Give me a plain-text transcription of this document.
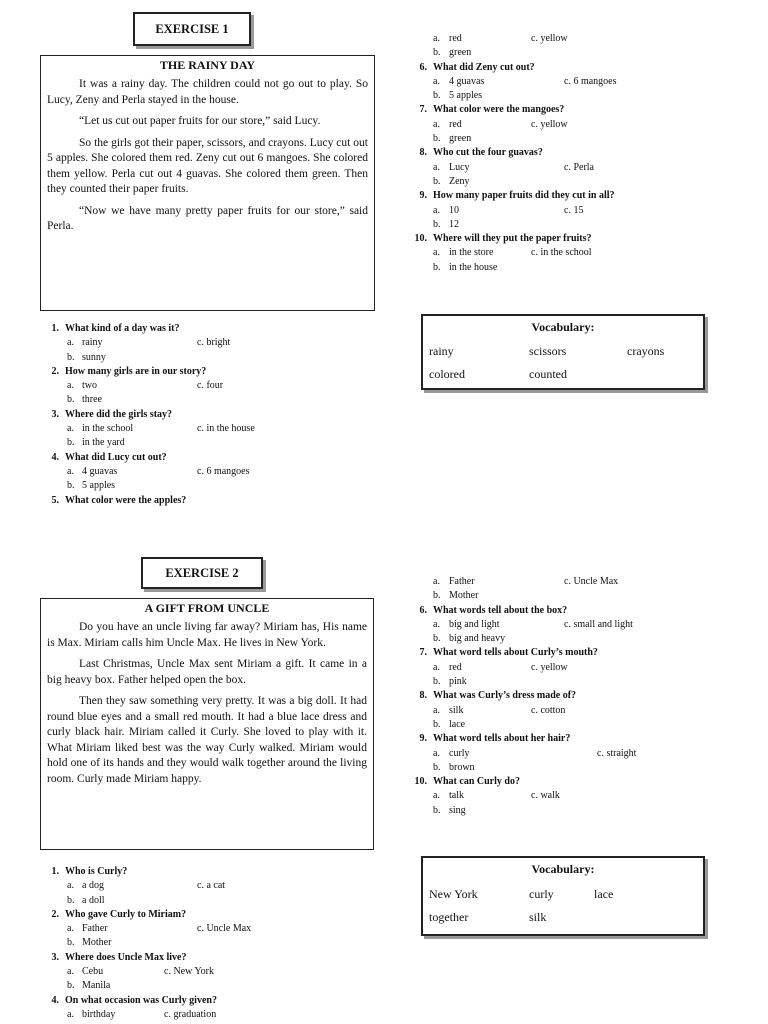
EXERCISE 1
THE RAINY DAY

It was a rainy day. The children could not go out to play. So Lucy, Zeny and Perla stayed in the house.

“Let us cut out paper fruits for our store,” said Lucy.

So the girls got their paper, scissors, and crayons. Lucy cut out 5 apples. She colored them red. Zeny cut out 6 mangoes. She colored them yellow. Perla cut out 4 guavas. She colored them green. Then they counted their paper fruits.

“Now we have many pretty paper fruits for our store,” said Perla.

1. What kind of a day was it?
a. rainy	c. bright
b. sunny
2. How many girls are in our story?
a. two	c. four
b. three
3. Where did the girls stay?
a. in the school	c. in the house
b. in the yard
4. What did Lucy cut out?
a. 4 guavas	c. 6 mangoes
b. 5 apples
5. What color were the apples?
a. red	c. yellow
b. green
6. What did Zeny cut out?
a. 4 guavas	c. 6 mangoes
b. 5 apples
7. What color were the mangoes?
a. red	c. yellow
b. green
8. Who cut the four guavas?
a. Lucy	c. Perla
b. Zeny
9. How many paper fruits did they cut in all?
a. 10	c. 15
b. 12
10. Where will they put the paper fruits?
a. in the store	c. in the school
b. in the house
Vocabulary:
rainy	scissors	crayons
colored	counted
EXERCISE 2
A GIFT FROM UNCLE

Do you have an uncle living far away? Miriam has, His name is Max. Miriam calls him Uncle Max. He lives in New York.

Last Christmas, Uncle Max sent Miriam a gift. It came in a big heavy box. Father helped open the box.

Then they saw something very pretty. It was a big doll. It had round blue eyes and a small red mouth. It had a blue lace dress and curly black hair. Miriam called it Curly. She loved to play with it. What Miriam liked best was the way Curly walked. Miriam would hold one of its hands and they would walk together around the living room. Curly made Miriam happy.

1. Who is Curly?
a. a dog	c. a cat
b. a doll
2. Who gave Curly to Miriam?
a. Father	c. Uncle Max
b. Mother
3. Where does Uncle Max live?
a. Cebu	c. New York
b. Manila
4. On what occasion was Curly given?
a. birthday	c. graduation
a. Father	c. Uncle Max
b. Mother
6. What words tell about the box?
a. big and light	c. small and light
b. big and heavy
7. What word tells about Curly’s mouth?
a. red	c. yellow
b. pink
8. What was Curly’s dress made of?
a. silk	c. cotton
b. lace
9. What word tells about her hair?
a. curly	c. straight
b. brown
10. What can Curly do?
a. talk	c. walk
b. sing
Vocabulary:
New York	curly	lace
together	silk
